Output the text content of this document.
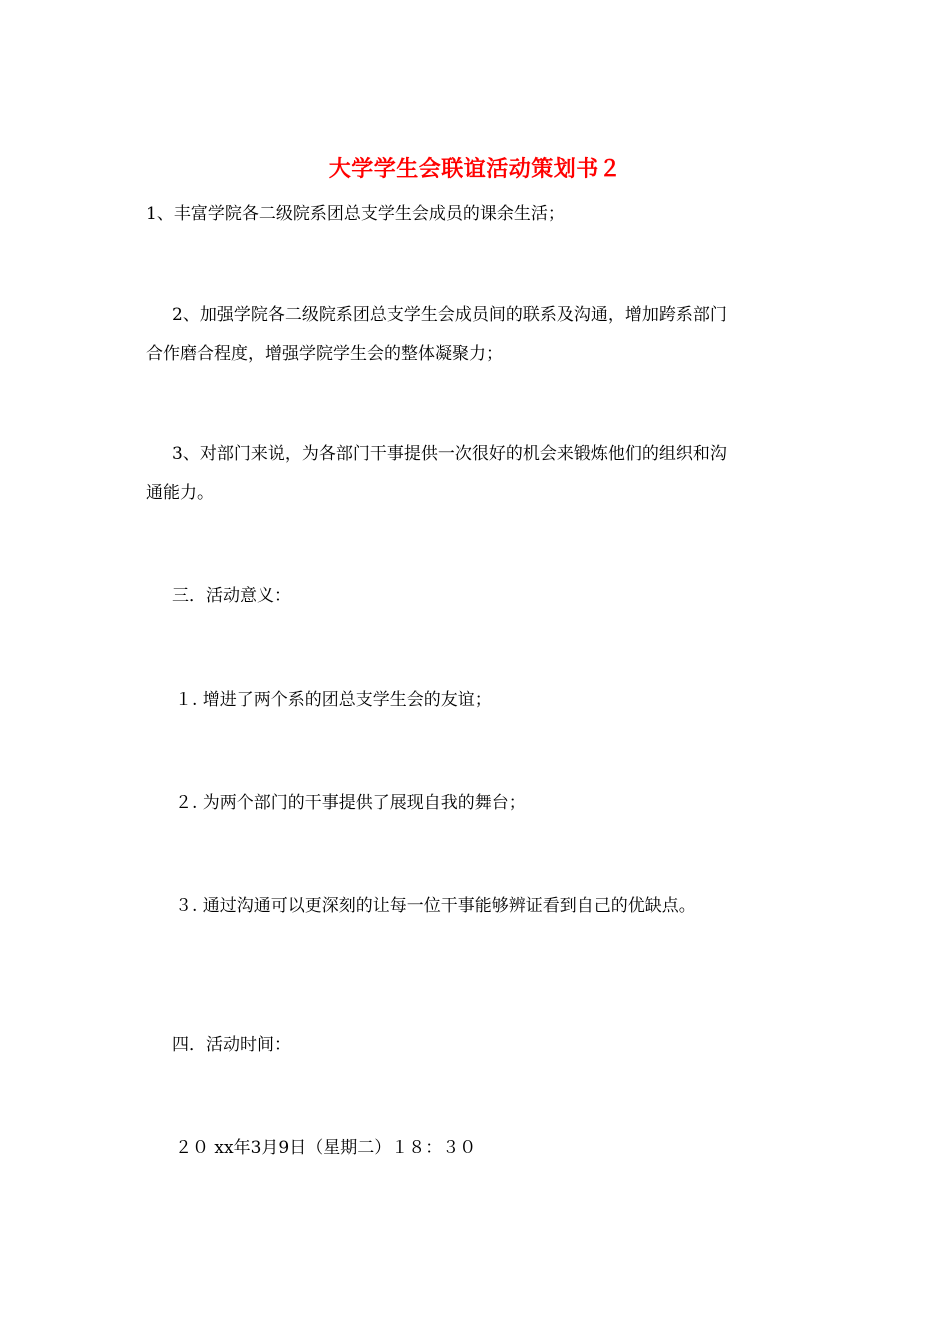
大学学生会联谊活动策划书２
1、丰富学院各二级院系团总支学生会成员的课余生活；
2、加强学院各二级院系团总支学生会成员间的联系及沟通，增加跨系部门
合作磨合程度，增强学院学生会的整体凝聚力；
3、对部门来说，为各部门干事提供一次很好的机会来锻炼他们的组织和沟
通能力。
三．活动意义：
１. 增进了两个系的团总支学生会的友谊；
２. 为两个部门的干事提供了展现自我的舞台；
３. 通过沟通可以更深刻的让每一位干事能够辨证看到自己的优缺点。
四．活动时间：
２０ xx年3月9日（星期二）１８：３０
